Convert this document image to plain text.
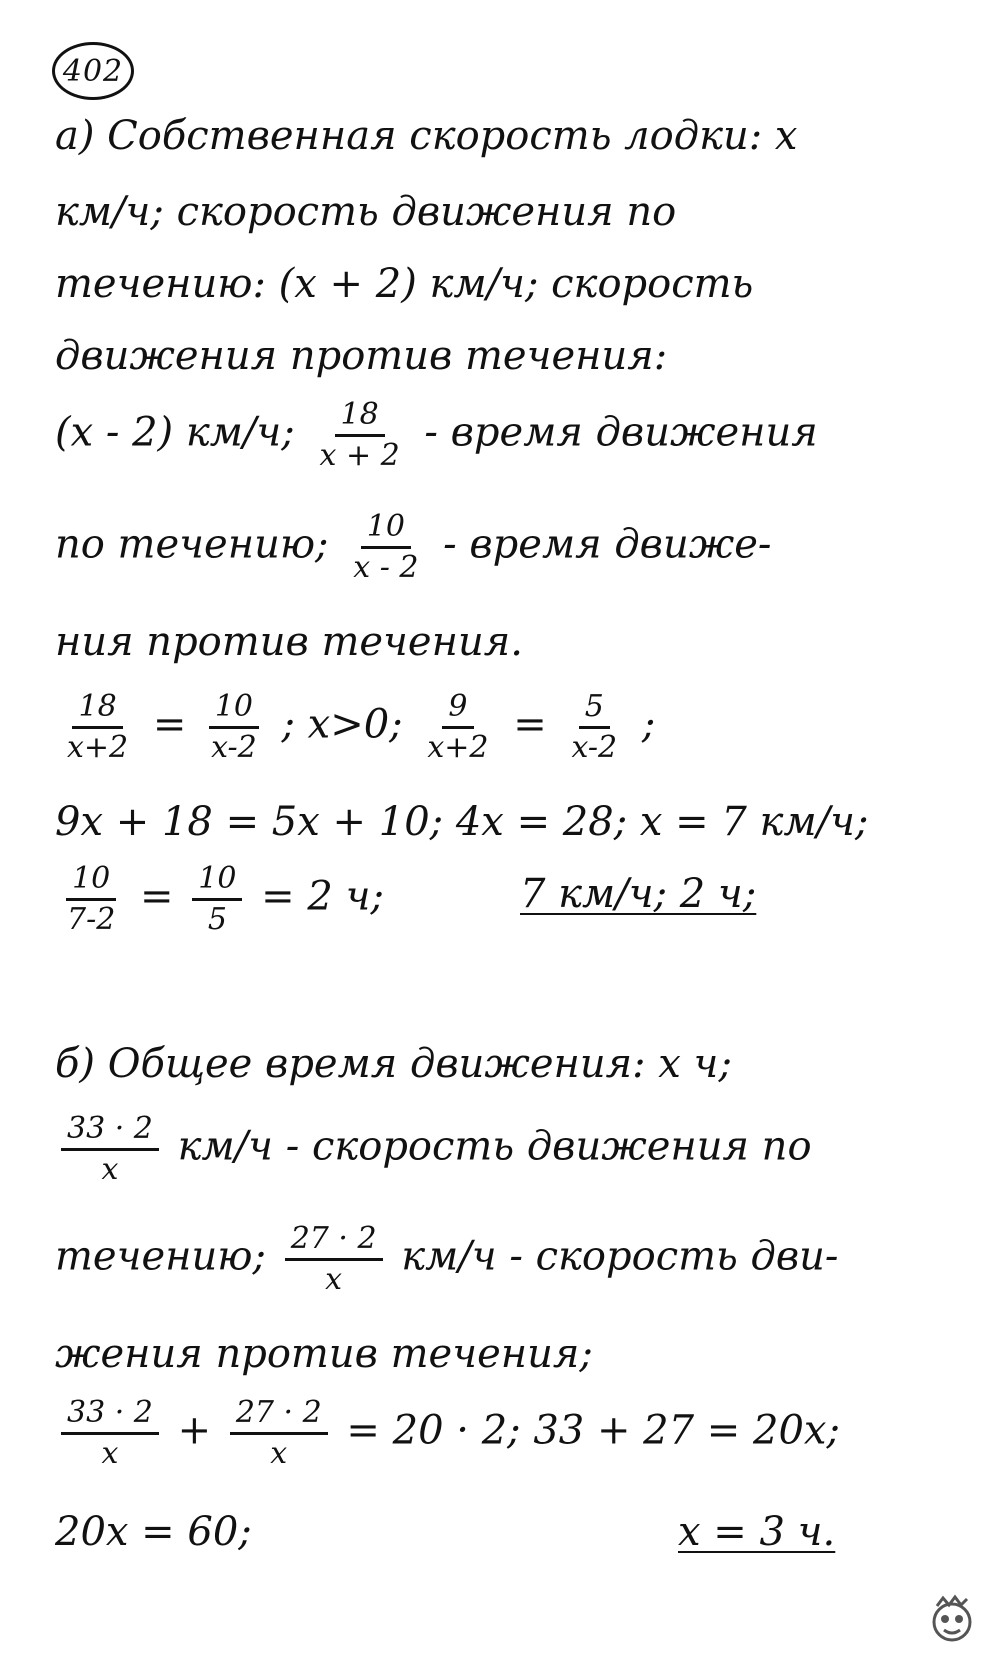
402
а) Собственная скорость лодки: x
км/ч; скорость движения по
течению: (x + 2) км/ч; скорость
движения против течения:
(x - 2) км/ч; $\frac{18}{x + 2}$ - время движения
по течению; $\frac{10}{x - 2}$ - время движе-
ния против течения.
$\frac{18}{x+2} = \frac{10}{x-2}$ ; x>0; $\frac{9}{x+2} = \frac{5}{x-2}$ ;
9x + 18 = 5x + 10; 4x = 28; x = 7 км/ч;
$\frac{10}{7-2} = \frac{10}{5} = 2$ ч;	7 км/ч; 2 ч;
б) Общее время движения: x ч;
$\frac{33 \cdot 2}{x} км/ч$ - скорость движения по
течению; $\frac{27 \cdot 2}{x} км/ч$ - скорость дви-
жения против течения;
$\frac{33 \cdot 2}{x} + \frac{27 \cdot 2}{x} = 20 \cdot 2$; 33 + 27 = 20x;
20x = 60;	x = 3 ч.
